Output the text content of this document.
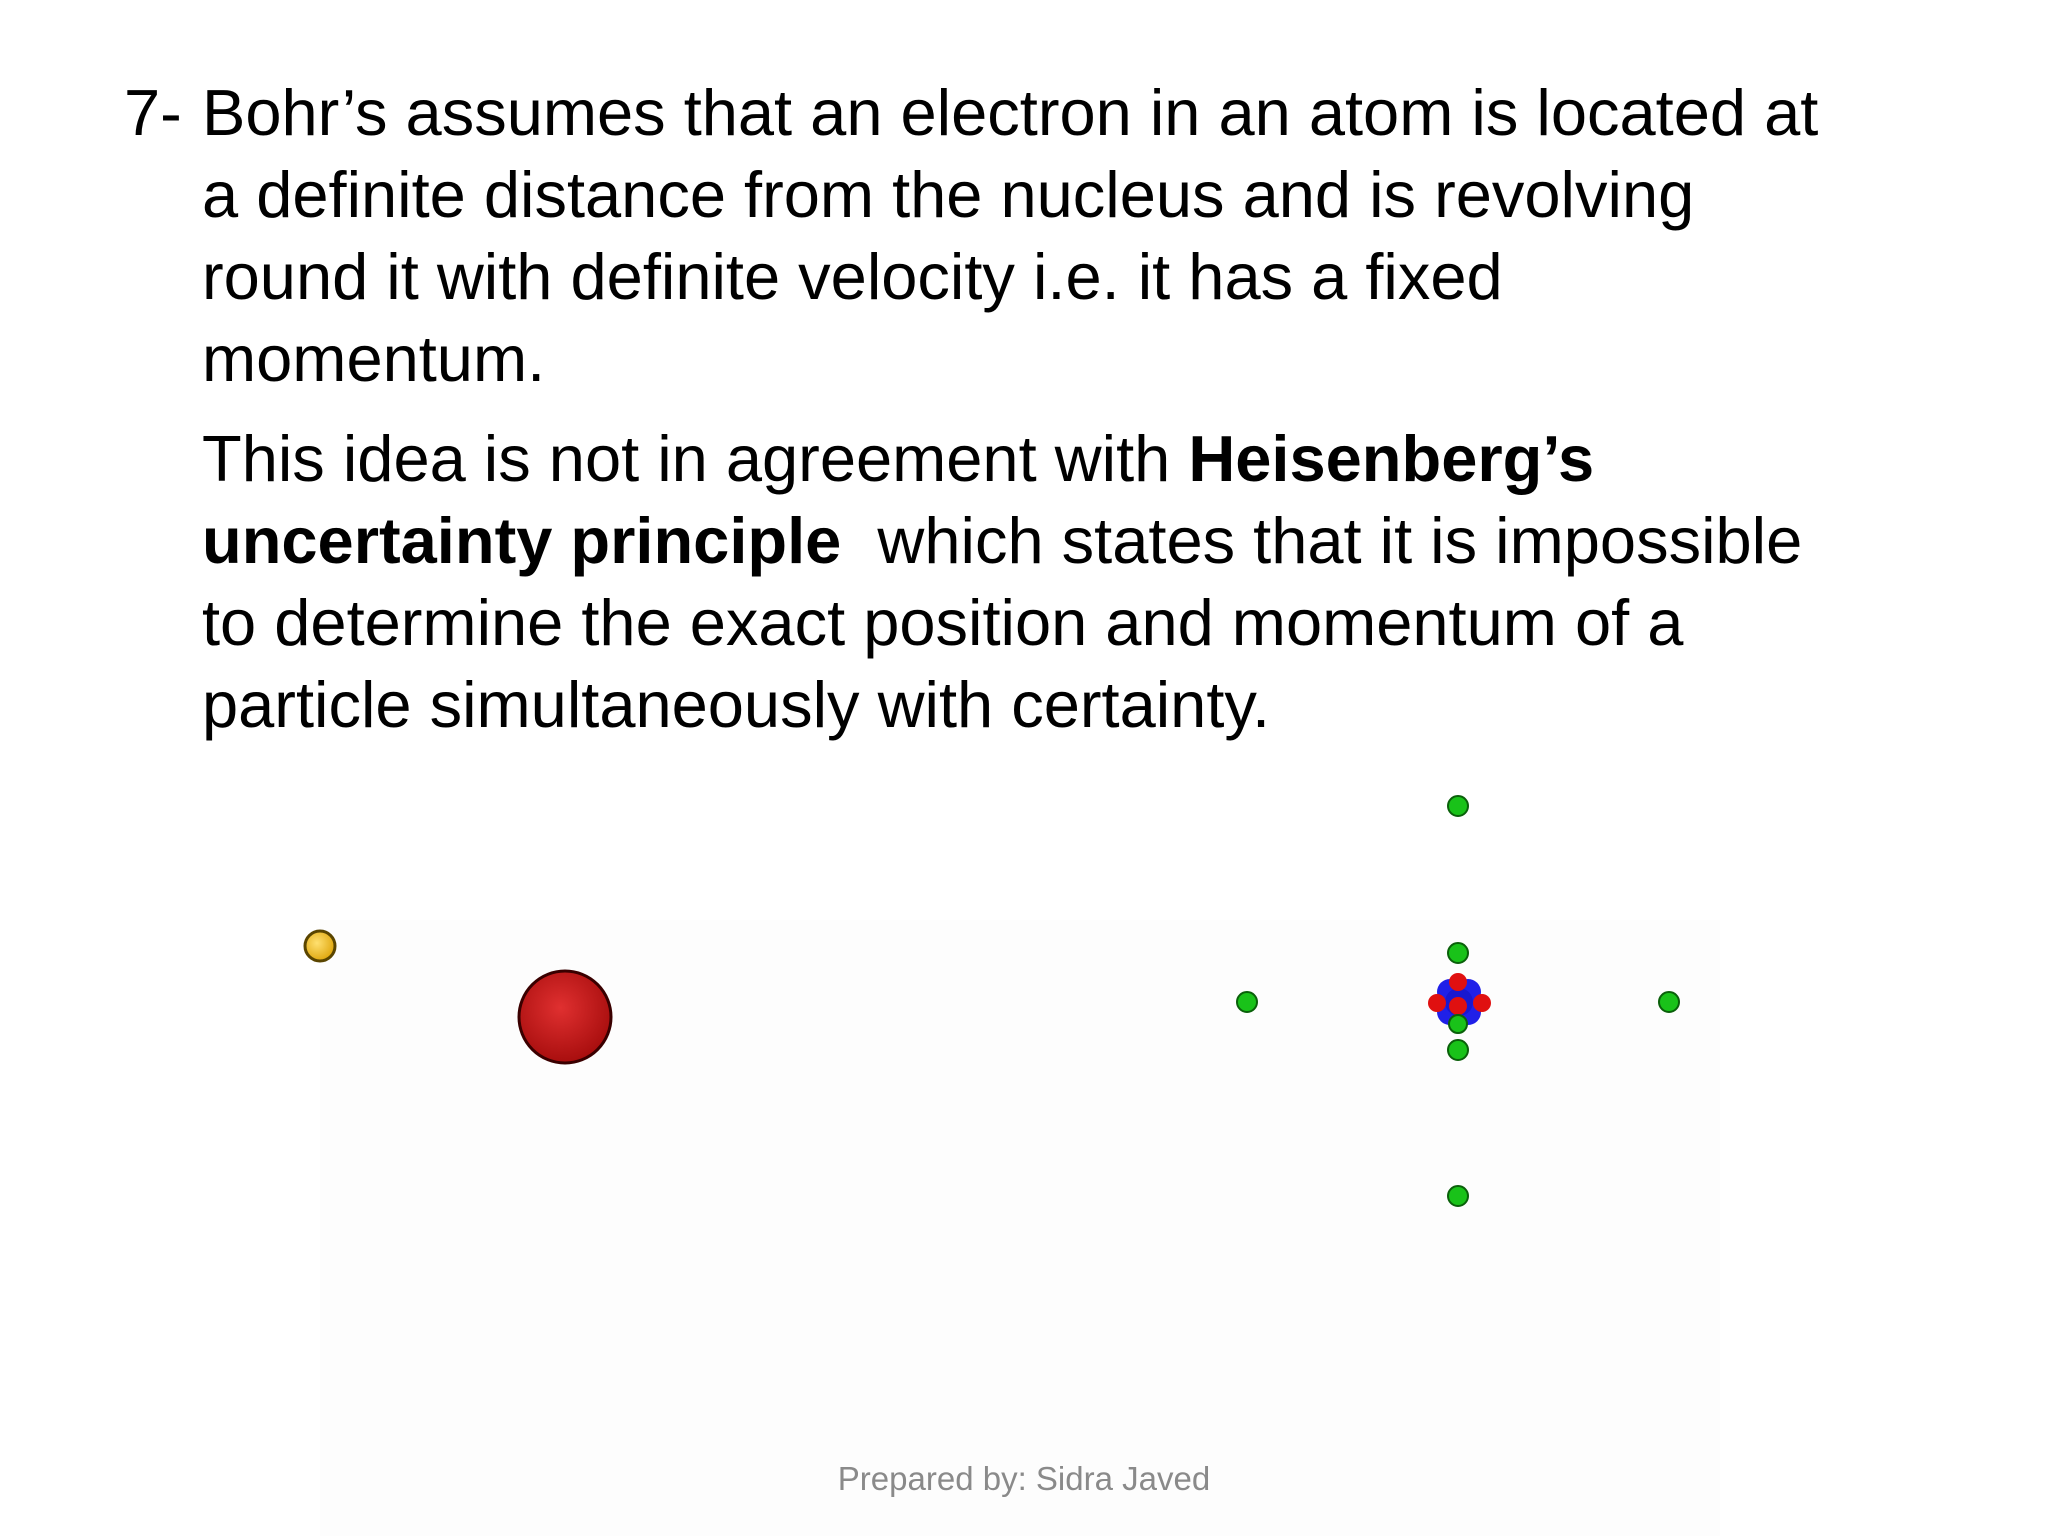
7- Bohr’s assumes that an electron in an atom is located at
a definite distance from the nucleus and is revolving
round it with definite velocity i.e. it has a fixed
momentum.

This idea is not in agreement with Heisenberg’s
uncertainty principle  which states that it is impossible
to determine the exact position and momentum of a
particle simultaneously with certainty.

Prepared by: Sidra Javed
